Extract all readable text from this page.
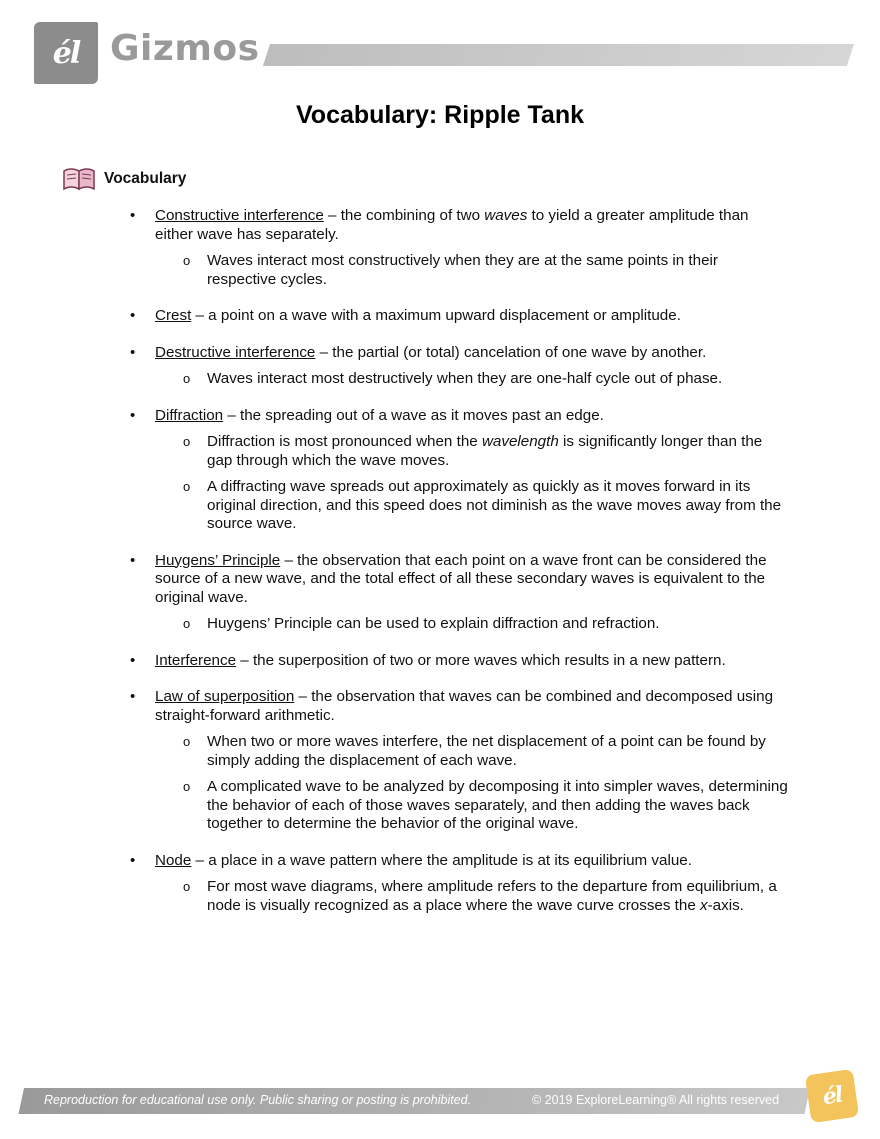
él Gizmos
Vocabulary: Ripple Tank
Vocabulary
• Constructive interference – the combining of two waves to yield a greater amplitude than either wave has separately.
o Waves interact most constructively when they are at the same points in their respective cycles.
• Crest – a point on a wave with a maximum upward displacement or amplitude.
• Destructive interference – the partial (or total) cancelation of one wave by another.
o Waves interact most destructively when they are one-half cycle out of phase.
• Diffraction – the spreading out of a wave as it moves past an edge.
o Diffraction is most pronounced when the wavelength is significantly longer than the gap through which the wave moves.
o A diffracting wave spreads out approximately as quickly as it moves forward in its original direction, and this speed does not diminish as the wave moves away from the source wave.
• Huygens’ Principle – the observation that each point on a wave front can be considered the source of a new wave, and the total effect of all these secondary waves is equivalent to the original wave.
o Huygens’ Principle can be used to explain diffraction and refraction.
• Interference – the superposition of two or more waves which results in a new pattern.
• Law of superposition – the observation that waves can be combined and decomposed using straight-forward arithmetic.
o When two or more waves interfere, the net displacement of a point can be found by simply adding the displacement of each wave.
o A complicated wave to be analyzed by decomposing it into simpler waves, determining the behavior of each of those waves separately, and then adding the waves back together to determine the behavior of the original wave.
• Node – a place in a wave pattern where the amplitude is at its equilibrium value.
o For most wave diagrams, where amplitude refers to the departure from equilibrium, a node is visually recognized as a place where the wave curve crosses the x-axis.
Reproduction for educational use only. Public sharing or posting is prohibited.	© 2019 ExploreLearning® All rights reserved él
